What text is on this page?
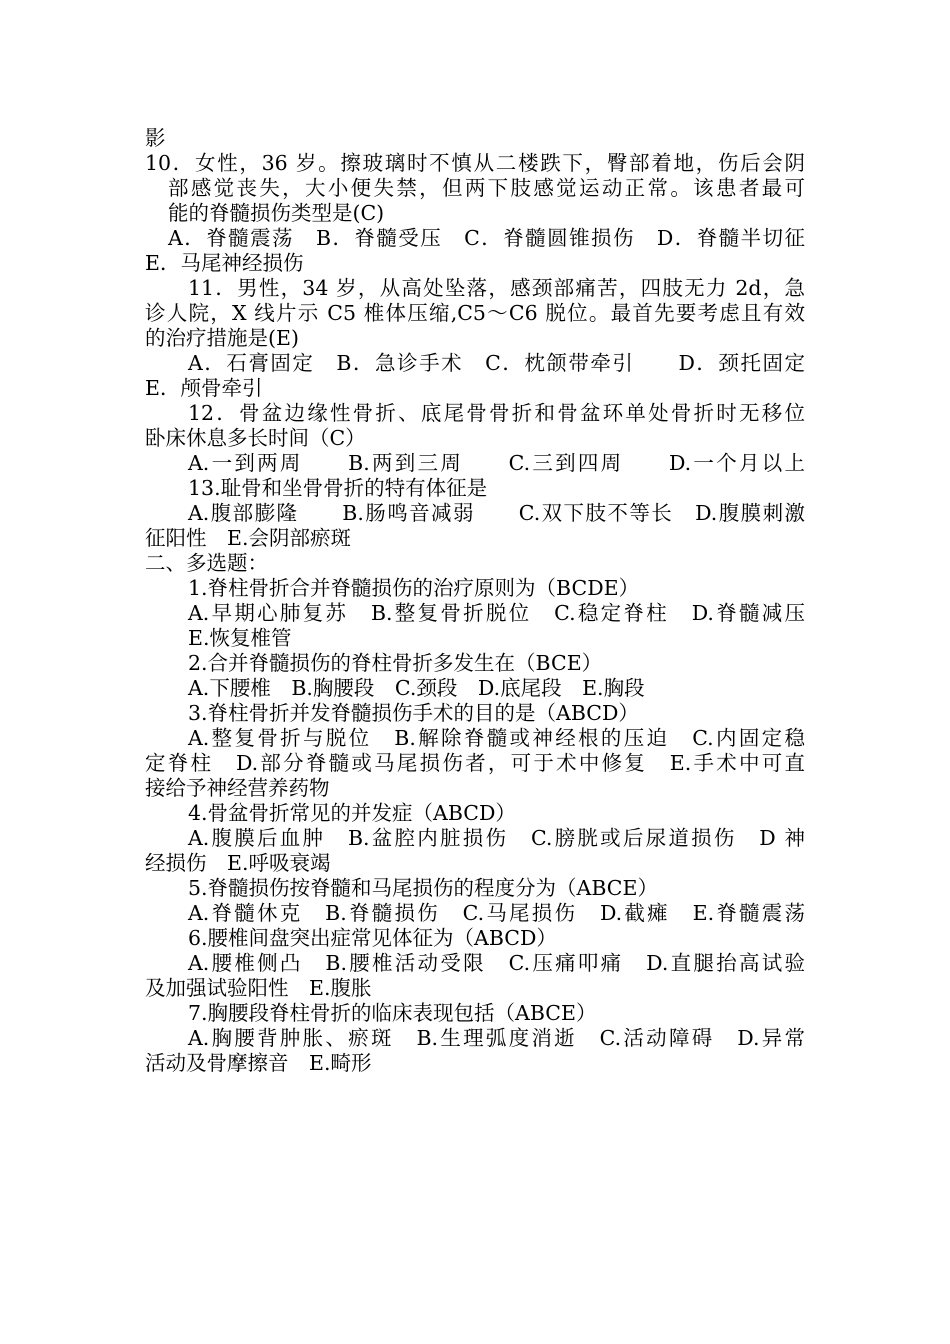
影
10．女性，36 岁。擦玻璃时不慎从二楼跌下，臀部着地，伤后会阴
部感觉丧失，大小便失禁，但两下肢感觉运动正常。该患者最可
能的脊髓损伤类型是(C)
A．脊髓震荡　B．脊髓受压　C．脊髓圆锥损伤　D．脊髓半切征
E．马尾神经损伤
11．男性，34 岁，从高处坠落，感颈部痛苦，四肢无力 2d，急
诊人院，X 线片示 C5 椎体压缩,C5～C6 脱位。最首先要考虑且有效
的治疗措施是(E)
A．石膏固定　B．急诊手术　C．枕颌带牵引　　D．颈托固定
E．颅骨牵引
12．骨盆边缘性骨折、底尾骨骨折和骨盆环单处骨折时无移位
卧床休息多长时间（C）
A.一到两周　　B.两到三周　　C.三到四周　　D.一个月以上
13.耻骨和坐骨骨折的特有体征是
A.腹部膨隆　　B.肠鸣音减弱　　C.双下肢不等长　D.腹膜刺激
征阳性　E.会阴部瘀斑
二、多选题：
1.脊柱骨折合并脊髓损伤的治疗原则为（BCDE）
A.早期心肺复苏　B.整复骨折脱位　C.稳定脊柱　D.脊髓减压
E.恢复椎管
2.合并脊髓损伤的脊柱骨折多发生在（BCE）
A.下腰椎　B.胸腰段　C.颈段　D.底尾段　E.胸段
3.脊柱骨折并发脊髓损伤手术的目的是（ABCD）
A.整复骨折与脱位　B.解除脊髓或神经根的压迫　C.内固定稳
定脊柱　D.部分脊髓或马尾损伤者，可于术中修复　E.手术中可直
接给予神经营养药物
4.骨盆骨折常见的并发症（ABCD）
A.腹膜后血肿　B.盆腔内脏损伤　C.膀胱或后尿道损伤　D 神
经损伤　E.呼吸衰竭
5.脊髓损伤按脊髓和马尾损伤的程度分为（ABCE）
A.脊髓休克　B.脊髓损伤　C.马尾损伤　D.截瘫　E.脊髓震荡
6.腰椎间盘突出症常见体征为（ABCD）
A.腰椎侧凸　B.腰椎活动受限　C.压痛叩痛　D.直腿抬高试验
及加强试验阳性　E.腹胀
7.胸腰段脊柱骨折的临床表现包括（ABCE）
A.胸腰背肿胀、瘀斑　B.生理弧度消逝　C.活动障碍　D.异常
活动及骨摩擦音　E.畸形
